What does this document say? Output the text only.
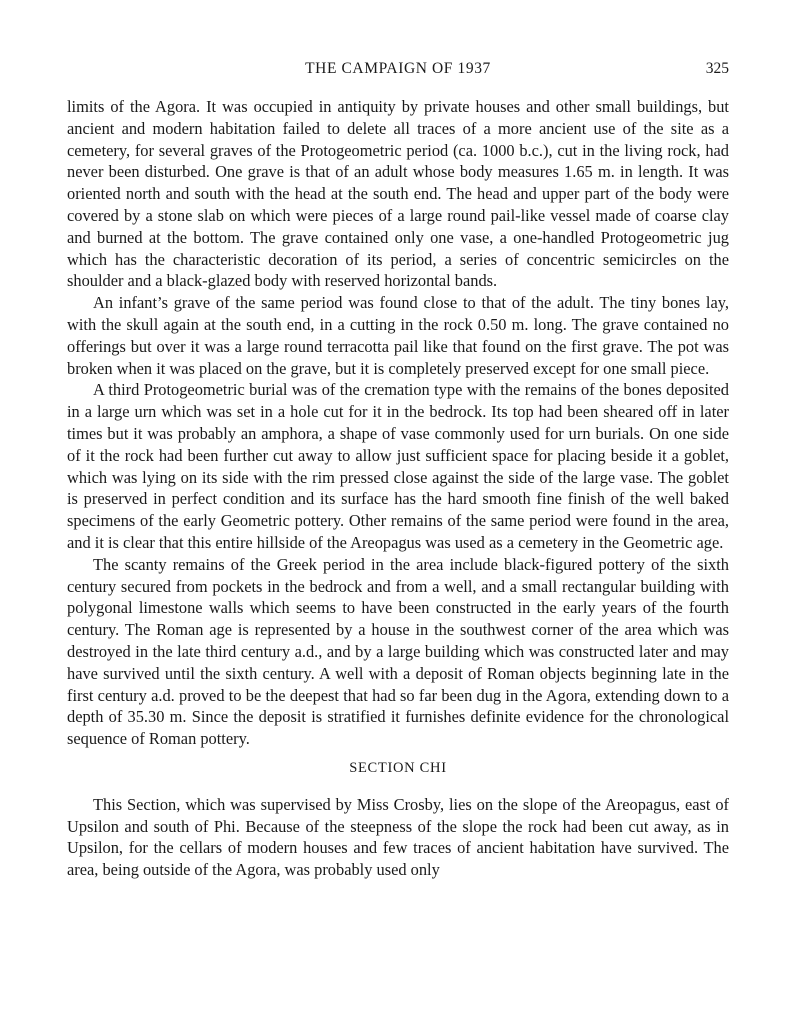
THE CAMPAIGN OF 1937	325

limits of the Agora. It was occupied in antiquity by private houses and other small buildings, but ancient and modern habitation failed to delete all traces of a more ancient use of the site as a cemetery, for several graves of the Protogeometric period (ca. 1000 b.c.), cut in the living rock, had never been disturbed. One grave is that of an adult whose body measures 1.65 m. in length. It was oriented north and south with the head at the south end. The head and upper part of the body were covered by a stone slab on which were pieces of a large round pail-like vessel made of coarse clay and burned at the bottom. The grave contained only one vase, a one-handled Protogeometric jug which has the characteristic decoration of its period, a series of concentric semicircles on the shoulder and a black-glazed body with reserved horizontal bands.

An infant’s grave of the same period was found close to that of the adult. The tiny bones lay, with the skull again at the south end, in a cutting in the rock 0.50 m. long. The grave contained no offerings but over it was a large round terracotta pail like that found on the first grave. The pot was broken when it was placed on the grave, but it is completely preserved except for one small piece.

A third Protogeometric burial was of the cremation type with the remains of the bones deposited in a large urn which was set in a hole cut for it in the bedrock. Its top had been sheared off in later times but it was probably an amphora, a shape of vase commonly used for urn burials. On one side of it the rock had been further cut away to allow just sufficient space for placing beside it a goblet, which was lying on its side with the rim pressed close against the side of the large vase. The goblet is preserved in perfect condition and its surface has the hard smooth fine finish of the well baked specimens of the early Geometric pottery. Other remains of the same period were found in the area, and it is clear that this entire hillside of the Areopagus was used as a cemetery in the Geometric age.

The scanty remains of the Greek period in the area include black-figured pottery of the sixth century secured from pockets in the bedrock and from a well, and a small rectangular building with polygonal limestone walls which seems to have been constructed in the early years of the fourth century. The Roman age is represented by a house in the southwest corner of the area which was destroyed in the late third century a.d., and by a large building which was constructed later and may have survived until the sixth century. A well with a deposit of Roman objects beginning late in the first century a.d. proved to be the deepest that had so far been dug in the Agora, extending down to a depth of 35.30 m. Since the deposit is stratified it furnishes definite evidence for the chronological sequence of Roman pottery.

SECTION CHI

This Section, which was supervised by Miss Crosby, lies on the slope of the Areopagus, east of Upsilon and south of Phi. Because of the steepness of the slope the rock had been cut away, as in Upsilon, for the cellars of modern houses and few traces of ancient habitation have survived. The area, being outside of the Agora, was probably used only
